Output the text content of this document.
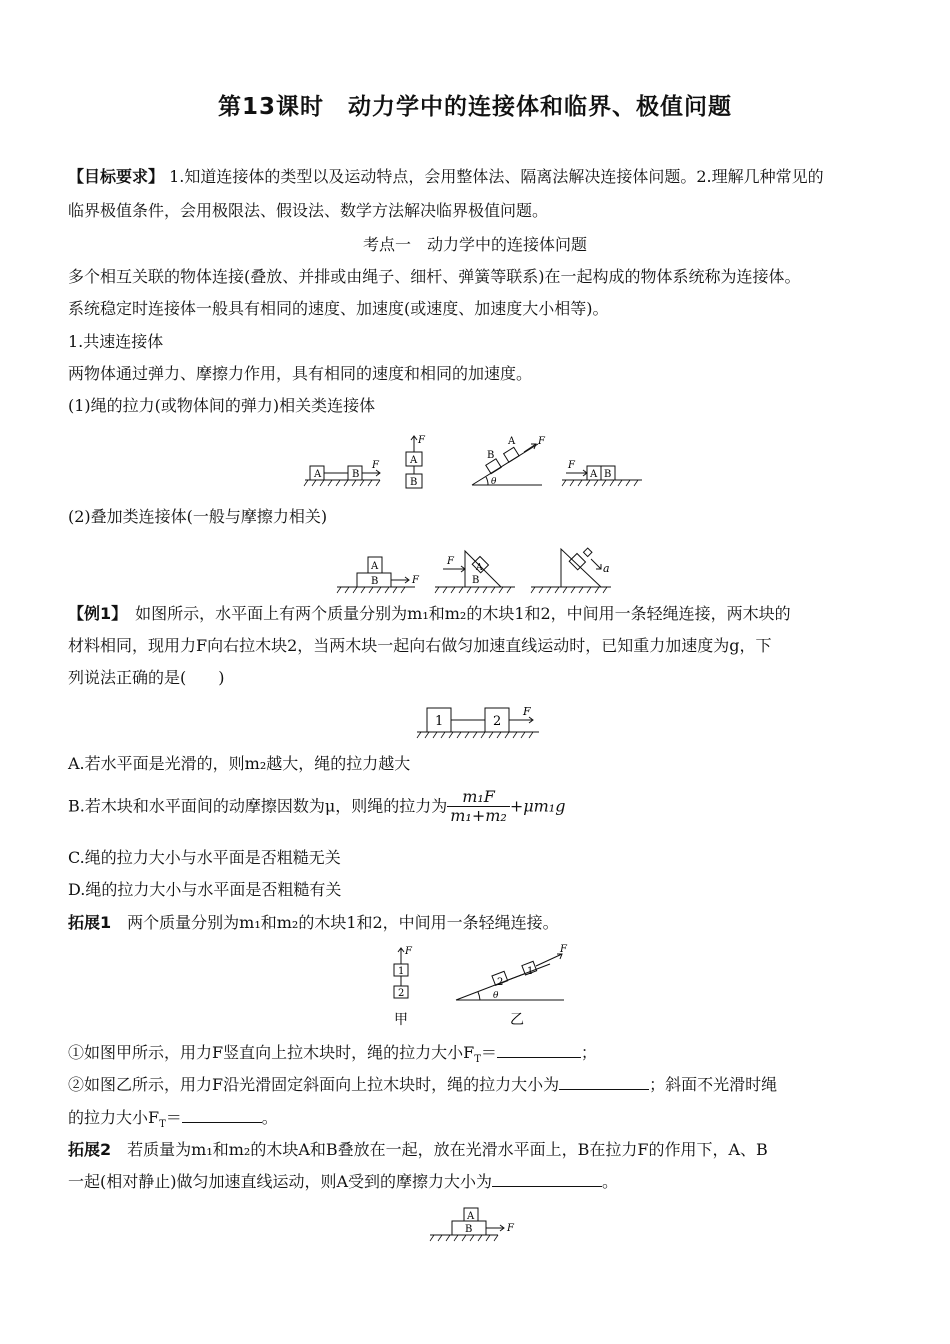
第13课时　动力学中的连接体和临界、极值问题
【目标要求】 1.知道连接体的类型以及运动特点，会用整体法、隔离法解决连接体问题。2.理解几种常见的
临界极值条件，会用极限法、假设法、数学方法解决临界极值问题。
考点一　动力学中的连接体问题
多个相互关联的物体连接(叠放、并排或由绳子、细杆、弹簧等联系)在一起构成的物体系统称为连接体。
系统稳定时连接体一般具有相同的速度、加速度(或速度、加速度大小相等)。
1.共速连接体
两物体通过弹力、摩擦力作用，具有相同的速度和相同的加速度。
(1)绳的拉力(或物体间的弹力)相关类连接体
A	B
F	A
B
F
B
A F
θ
F
A B
(2)叠加类连接体(一般与摩擦力相关)
A
B	F
F
A
B
a
【例1】　如图所示，水平面上有两个质量分别为m₁和m₂的木块1和2，中间用一条轻绳连接，两木块的
材料相同，现用力F向右拉木块2，当两木块一起向右做匀加速直线运动时，已知重力加速度为g，下
列说法正确的是(　　)
1	2
F
A.若水平面是光滑的，则m₂越大，绳的拉力越大
B.若木块和水平面间的动摩擦因数为μ，则绳的拉力为 $\frac{\text{m₁F}}{\text{m₁+m₂}} +\mu m_1g$
C.绳的拉力大小与水平面是否粗糙无关
D.绳的拉力大小与水平面是否粗糙有关
拓展1　两个质量分别为m₁和m₂的木块1和2，中间用一条轻绳连接。
1
2
F
甲
2
1
F
θ
乙
①如图甲所示，用力F竖直向上拉木块时，绳的拉力大小$F_T=$	；
②如图乙所示，用力F沿光滑固定斜面向上拉木块时，绳的拉力大小为	；斜面不光滑时绳
的拉力大小$F_T=$	。
拓展2　若质量为m₁和m₂的木块A和B叠放在一起，放在光滑水平面上，B在拉力F的作用下，A、B
一起(相对静止)做匀加速直线运动，则A受到的摩擦力大小为	。
A
B	F
